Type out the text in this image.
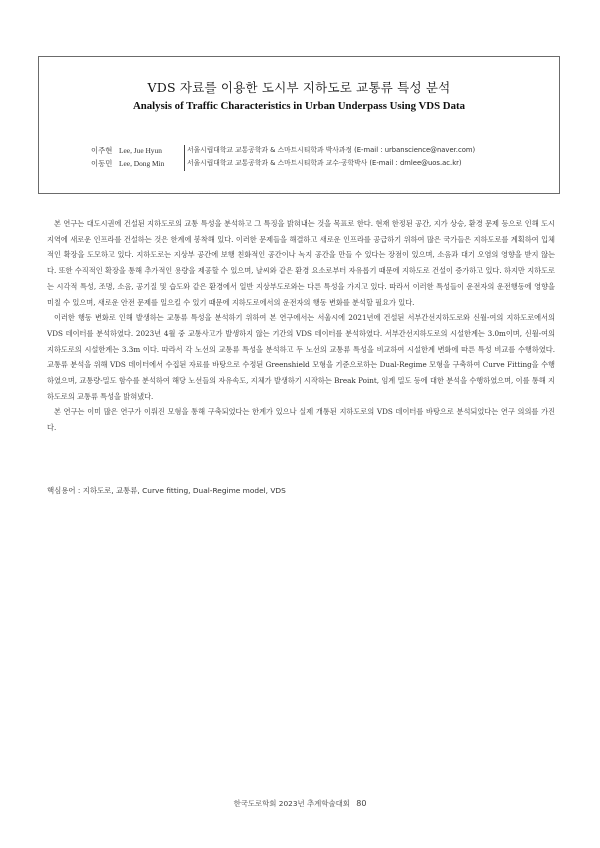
VDS 자료를 이용한 도시부 지하도로 교통류 특성 분석
Analysis of Traffic Characteristics in Urban Underpass Using VDS Data
이주현 Lee, Jue Hyun	서울시립대학교 교통공학과 & 스마트시티학과 박사과정 (E-mail : urbanscience@naver.com)
이동민 Lee, Dong Min	서울시립대학교 교통공학과 & 스마트시티학과 교수·공학박사 (E-mail : dmlee@uos.ac.kr)

본 연구는 대도시권에 건설된 지하도로의 교통 특성을 분석하고 그 특징을 밝혀내는 것을 목표로 한다. 현재 한정된 공간, 지가 상승, 환경 문제 등으로 인해 도시 지역에 새로운 인프라를 건설하는 것은 한계에 봉착해 있다. 이러한 문제들을 해결하고 새로운 인프라를 공급하기 위하여 많은 국가들은 지하도로를 계획하여 입체적인 확장을 도모하고 있다. 지하도로는 지상부 공간에 보행 친화적인 공간이나 녹지 공간을 만들 수 있다는 장점이 있으며, 소음과 대기 오염의 영향을 받지 않는다. 또한 수직적인 확장을 통해 추가적인 용량을 제공할 수 있으며, 날씨와 같은 환경 요소로부터 자유롭기 때문에 지하도로 건설이 증가하고 있다. 하지만 지하도로는 시각적 특성, 조명, 소음, 공기질 및 습도와 같은 환경에서 일반 지상부도로와는 다른 특성을 가지고 있다. 따라서 이러한 특성들이 운전자의 운전행동에 영향을 미칠 수 있으며, 새로운 안전 문제를 일으킬 수 있기 때문에 지하도로에서의 운전자의 행동 변화를 분석할 필요가 있다.

이러한 행동 변화로 인해 발생하는 교통류 특성을 분석하기 위하여 본 연구에서는 서울시에 2021년에 건설된 서부간선지하도로와 신월-여의 지하도로에서의 VDS 데이터를 분석하였다. 2023년 4월 중 교통사고가 발생하지 않는 기간의 VDS 데이터를 분석하였다. 서부간선지하도로의 시설한계는 3.0m이며, 신월-여의 지하도로의 시설한계는 3.3m 이다. 따라서 각 노선의 교통류 특성을 분석하고 두 노선의 교통류 특성을 비교하여 시설한계 변화에 따른 특성 비교를 수행하였다. 교통류 분석을 위해 VDS 데이터에서 수집된 자료를 바탕으로 수정된 Greenshield 모형을 기준으로하는 Dual-Regime 모형을 구축하여 Curve Fitting을 수행하였으며, 교통량-밀도 함수를 분석하여 해당 노선들의 자유속도, 지체가 발생하기 시작하는 Break Point, 임계 밀도 등에 대한 분석을 수행하였으며, 이를 통해 지하도로의 교통류 특성을 밝혀냈다.

본 연구는 이미 많은 연구가 이뤄진 모형을 통해 구축되었다는 한계가 있으나 실제 개통된 지하도로의 VDS 데이터를 바탕으로 분석되었다는 연구 의의를 가진다.

핵심용어 : 지하도로, 교통류, Curve fitting, Dual-Regime model, VDS
한국도로학회 2023년 추계학술대회 80
